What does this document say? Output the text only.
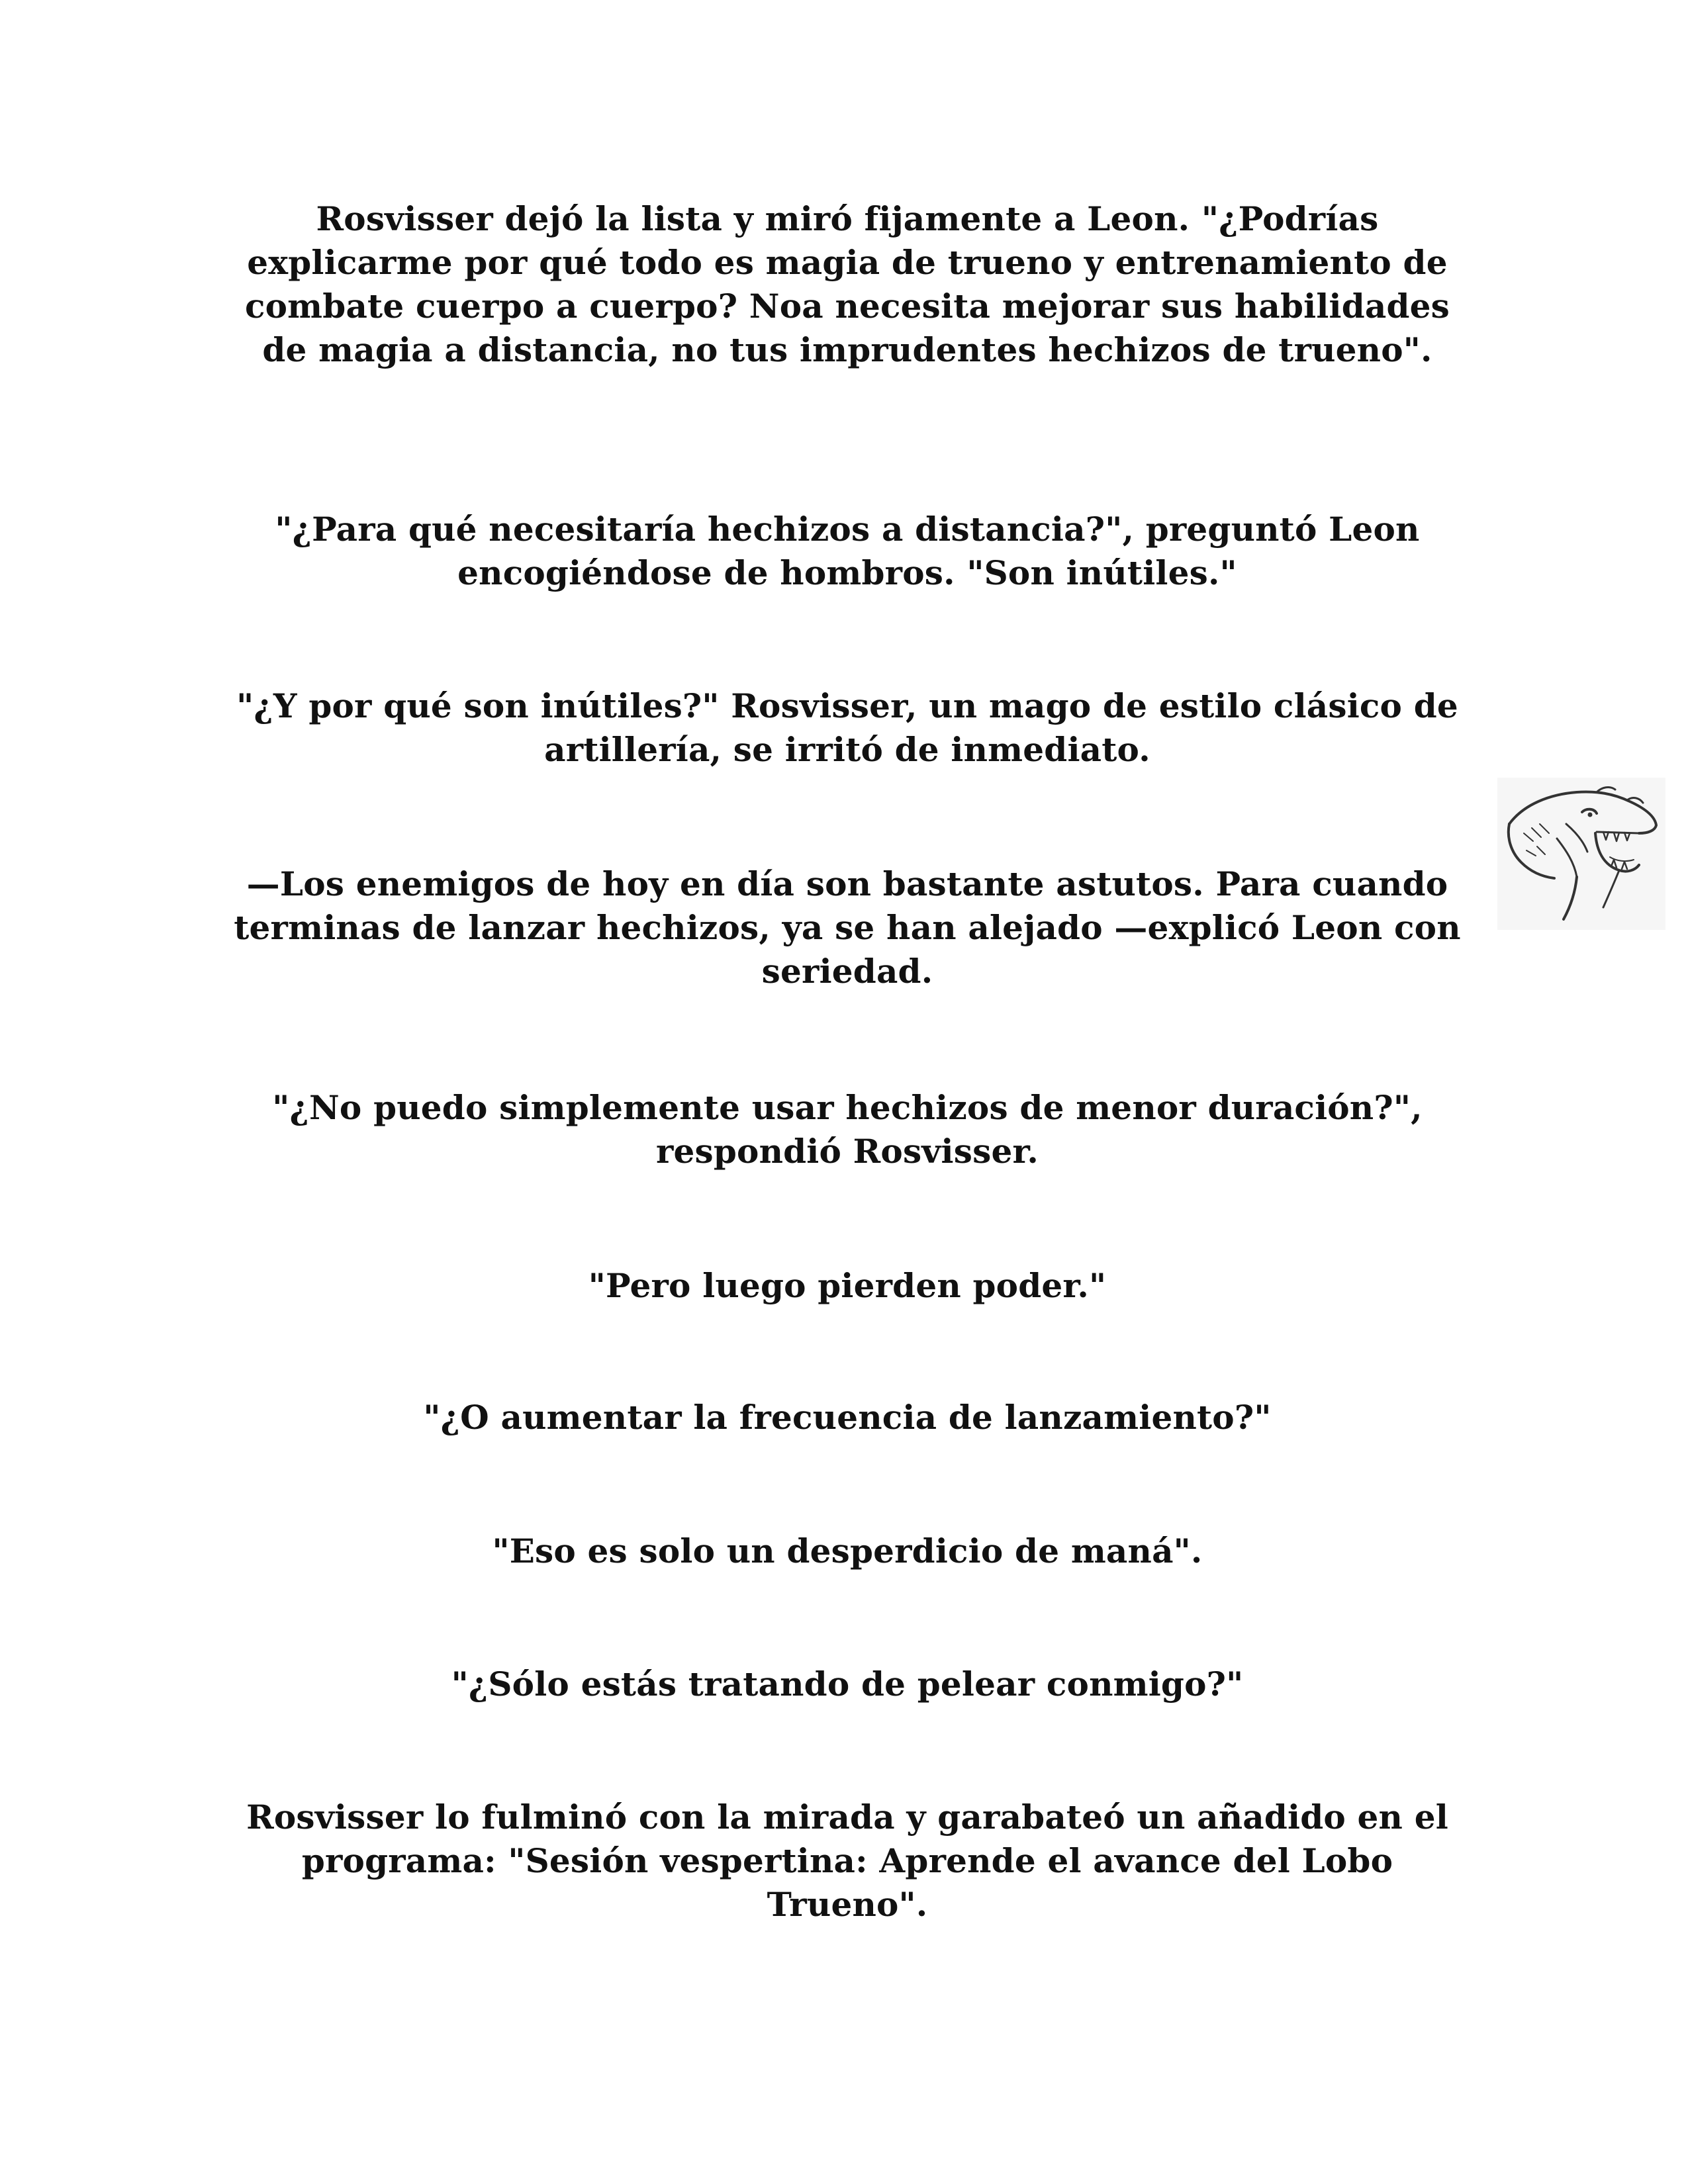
Rosvisser dejó la lista y miró fijamente a Leon. "¿Podrías explicarme por qué todo es magia de trueno y entrenamiento de combate cuerpo a cuerpo? Noa necesita mejorar sus habilidades de magia a distancia, no tus imprudentes hechizos de trueno".

"¿Para qué necesitaría hechizos a distancia?", preguntó Leon encogiéndose de hombros. "Son inútiles."

"¿Y por qué son inútiles?" Rosvisser, un mago de estilo clásico de artillería, se irritó de inmediato.

—Los enemigos de hoy en día son bastante astutos. Para cuando terminas de lanzar hechizos, ya se han alejado —explicó Leon con seriedad.

"¿No puedo simplemente usar hechizos de menor duración?", respondió Rosvisser.

"Pero luego pierden poder."

"¿O aumentar la frecuencia de lanzamiento?"

"Eso es solo un desperdicio de maná".

"¿Sólo estás tratando de pelear conmigo?"

Rosvisser lo fulminó con la mirada y garabateó un añadido en el programa: "Sesión vespertina: Aprende el avance del Lobo Trueno".
